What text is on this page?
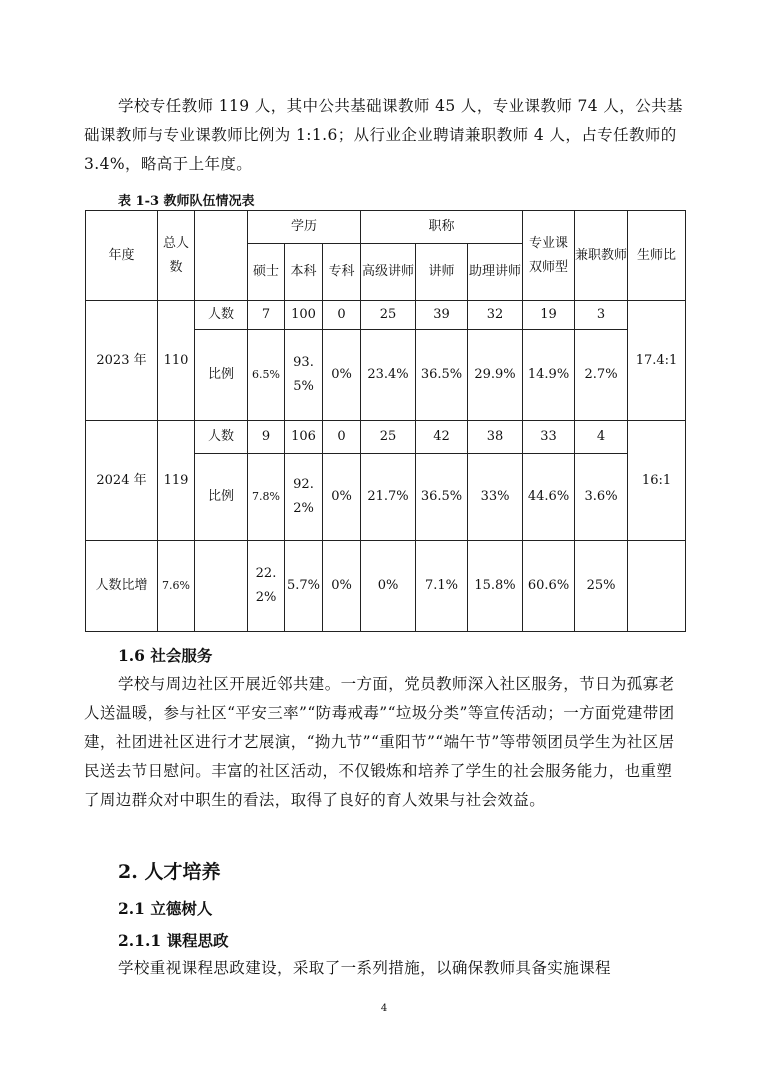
学校专任教师 119 人，其中公共基础课教师 45 人，专业课教师 74 人，公共基础课教师与专业课教师比例为 1:1.6；从行业企业聘请兼职教师 4 人，占专任教师的 3.4%，略高于上年度。

表 1-3 教师队伍情况表
年度	总人数		学历			职称			专业课双师型	兼职教师	生师比
			硕士	本科	专科	高级讲师	讲师	助理讲师			
2023 年	110	人数	7	100	0	25	39	32	19	3	17.4:1
		比例	6.5%	93.5%	0%	23.4%	36.5%	29.9%	14.9%	2.7%	
2024 年	119	人数	9	106	0	25	42	38	33	4	16:1
		比例	7.8%	92.2%	0%	21.7%	36.5%	33%	44.6%	3.6%	
人数比增	7.6%		22.2%	5.7%	0%	0%	7.1%	15.8%	60.6%	25%	
1.6 社会服务

学校与周边社区开展近邻共建。一方面，党员教师深入社区服务，节日为孤寡老人送温暖，参与社区“平安三率”“防毒戒毒”“垃圾分类”等宣传活动；一方面党建带团建，社团进社区进行才艺展演，“拗九节”“重阳节”“端午节”等带领团员学生为社区居民送去节日慰问。丰富的社区活动，不仅锻炼和培养了学生的社会服务能力，也重塑了周边群众对中职生的看法，取得了良好的育人效果与社会效益。

2. 人才培养
2.1 立德树人
2.1.1 课程思政

学校重视课程思政建设，采取了一系列措施，以确保教师具备实施课程

4
